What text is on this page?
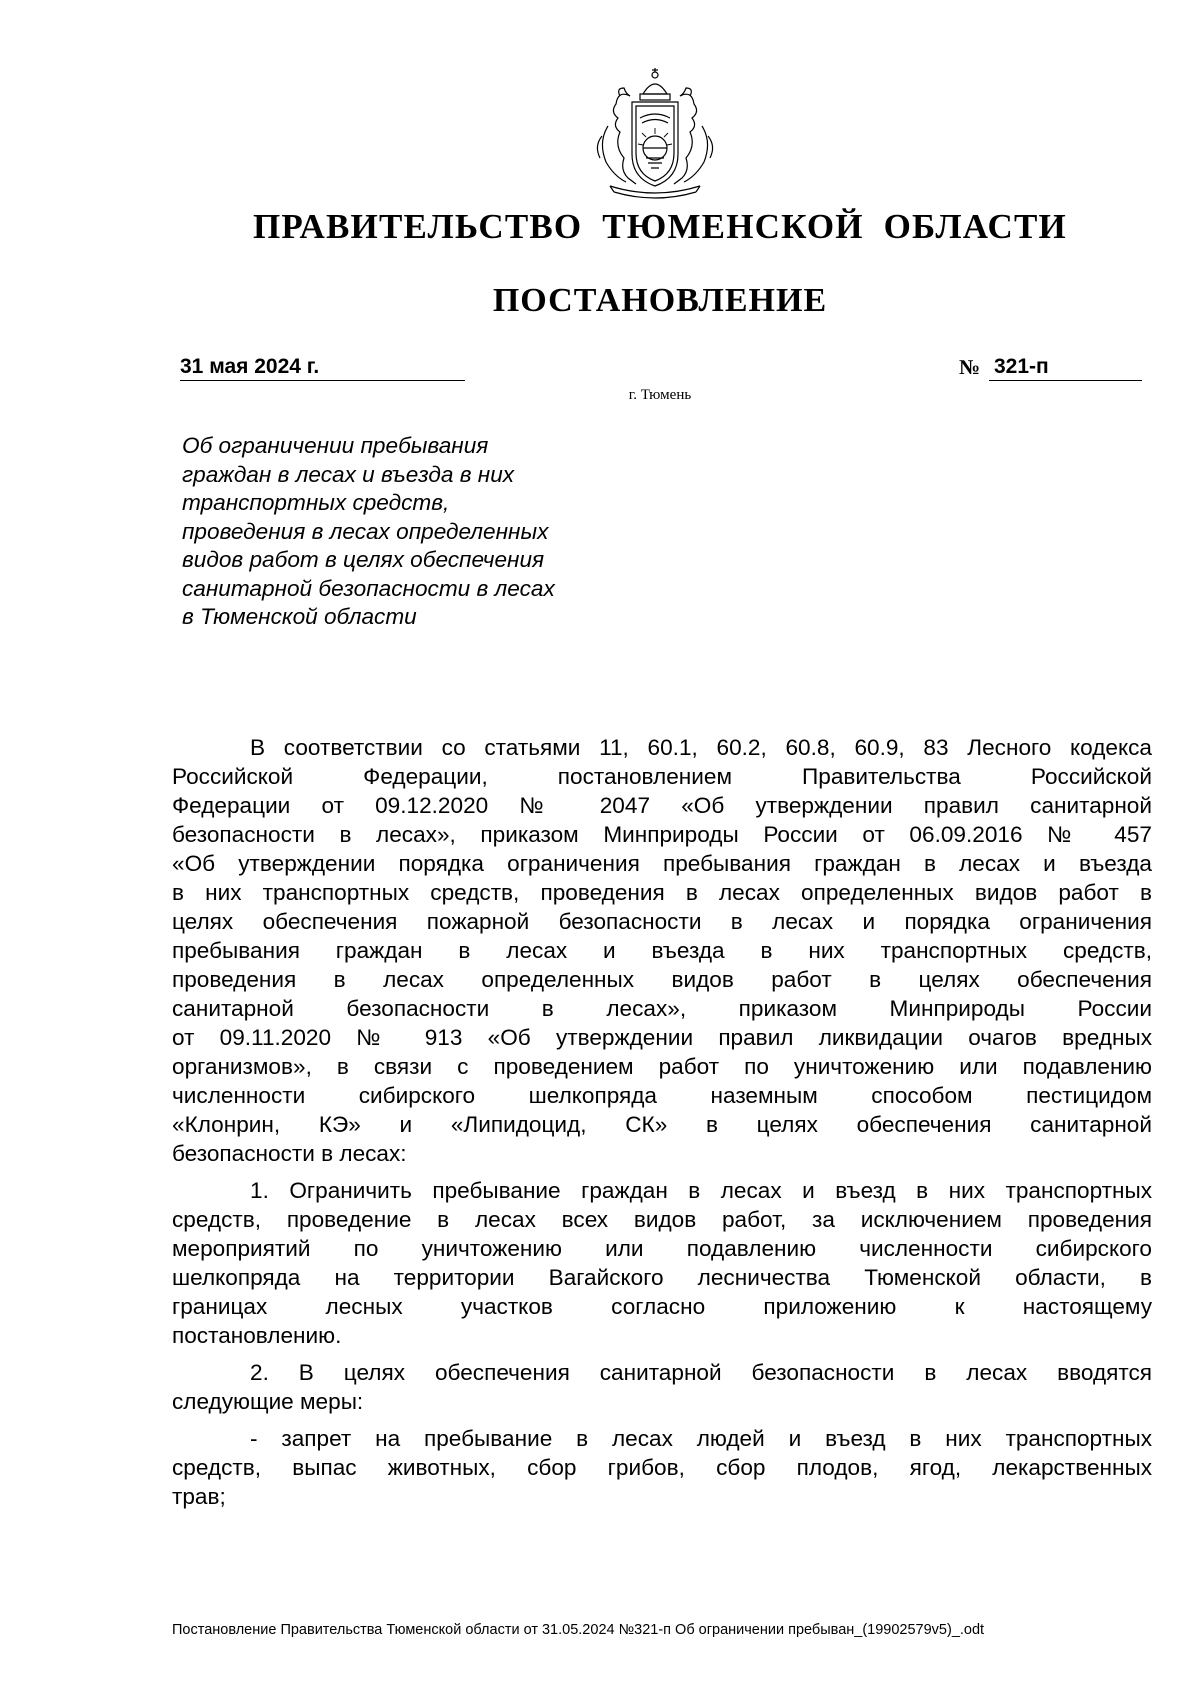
ПРАВИТЕЛЬСТВО ТЮМЕНСКОЙ ОБЛАСТИ
ПОСТАНОВЛЕНИЕ
31 мая 2024 г.	№ 321-п
г. Тюмень
Об ограничении пребывания
граждан в лесах и въезда в них
транспортных средств,
проведения в лесах определенных
видов работ в целях обеспечения
санитарной безопасности в лесах
в Тюменской области
В соответствии со статьями 11, 60.1, 60.2, 60.8, 60.9, 83 Лесного кодекса
Российской Федерации, постановлением Правительства Российской
Федерации от 09.12.2020 № 2047 «Об утверждении правил санитарной
безопасности в лесах», приказом Минприроды России от 06.09.2016 № 457
«Об утверждении порядка ограничения пребывания граждан в лесах и въезда
в них транспортных средств, проведения в лесах определенных видов работ в
целях обеспечения пожарной безопасности в лесах и порядка ограничения
пребывания граждан в лесах и въезда в них транспортных средств,
проведения в лесах определенных видов работ в целях обеспечения
санитарной безопасности в лесах», приказом Минприроды России
от 09.11.2020 № 913 «Об утверждении правил ликвидации очагов вредных
организмов», в связи с проведением работ по уничтожению или подавлению
численности сибирского шелкопряда наземным способом пестицидом
«Клонрин, КЭ» и «Липидоцид, СК» в целях обеспечения санитарной
безопасности в лесах:
1. Ограничить пребывание граждан в лесах и въезд в них транспортных
средств, проведение в лесах всех видов работ, за исключением проведения
мероприятий по уничтожению или подавлению численности сибирского
шелкопряда на территории Вагайского лесничества Тюменской области, в
границах лесных участков согласно приложению к настоящему
постановлению.
2. В целях обеспечения санитарной безопасности в лесах вводятся
следующие меры:
- запрет на пребывание в лесах людей и въезд в них транспортных
средств, выпас животных, сбор грибов, сбор плодов, ягод, лекарственных
трав;
Постановление Правительства Тюменской области от 31.05.2024 №321-п Об ограничении пребыван_(19902579v5)_.odt
